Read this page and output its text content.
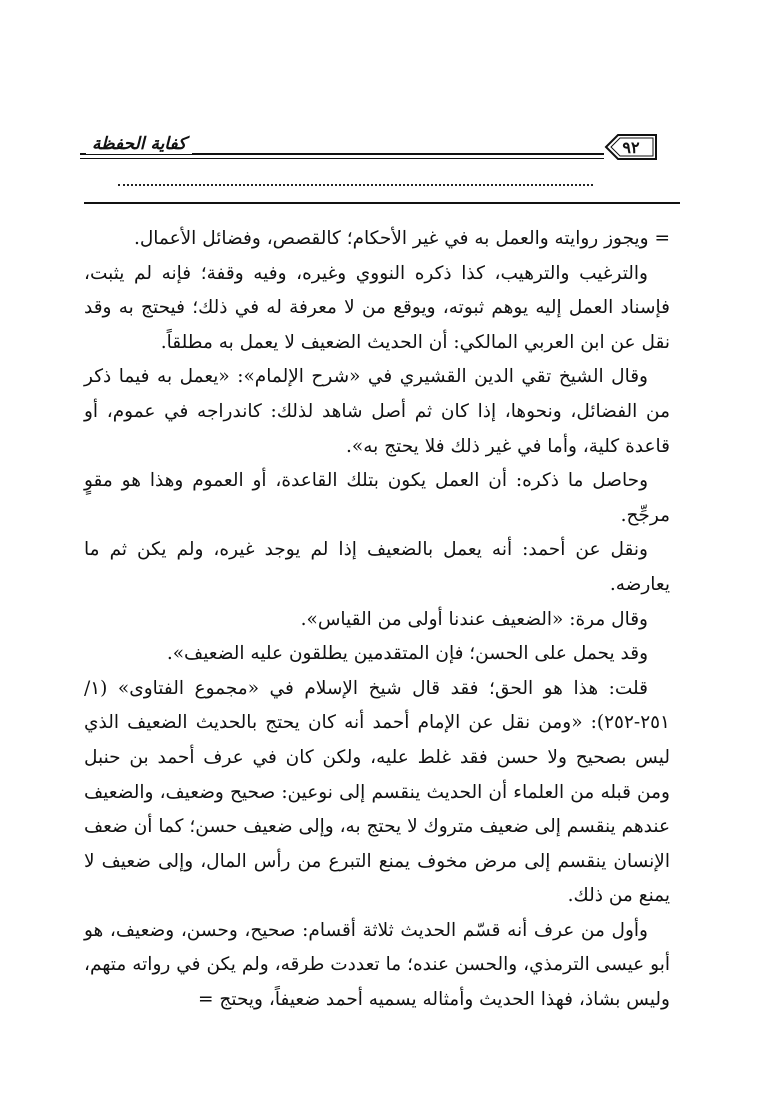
كفاية الحفظة	٩٢

= ويجوز روايته والعمل به في غير الأحكام؛ كالقصص، وفضائل الأعمال.

والترغيب والترهيب، كذا ذكره النووي وغيره، وفيه وقفة؛ فإنه لم يثبت، فإسناد العمل إليه يوهم ثبوته، ويوقع من لا معرفة له في ذلك؛ فيحتج به وقد نقل عن ابن العربي المالكي: أن الحديث الضعيف لا يعمل به مطلقاً.

وقال الشيخ تقي الدين القشيري في «شرح الإلمام»: «يعمل به فيما ذكر من الفضائل، ونحوها، إذا كان ثم أصل شاهد لذلك: كاندراجه في عموم، أو قاعدة كلية، وأما في غير ذلك فلا يحتج به».

وحاصل ما ذكره: أن العمل يكون بتلك القاعدة، أو العموم وهذا هو مقوٍ مرجِّح.

ونقل عن أحمد: أنه يعمل بالضعيف إذا لم يوجد غيره، ولم يكن ثم ما يعارضه.

وقال مرة: «الضعيف عندنا أولى من القياس».

وقد يحمل على الحسن؛ فإن المتقدمين يطلقون عليه الضعيف».

قلت: هذا هو الحق؛ فقد قال شيخ الإسلام في «مجموع الفتاوى» (١/ ٢٥١-٢٥٢): «ومن نقل عن الإمام أحمد أنه كان يحتج بالحديث الضعيف الذي ليس بصحيح ولا حسن فقد غلط عليه، ولكن كان في عرف أحمد بن حنبل ومن قبله من العلماء أن الحديث ينقسم إلى نوعين: صحيح وضعيف، والضعيف عندهم ينقسم إلى ضعيف متروك لا يحتج به، وإلى ضعيف حسن؛ كما أن ضعف الإنسان ينقسم إلى مرض مخوف يمنع التبرع من رأس المال، وإلى ضعيف لا يمنع من ذلك.

وأول من عرف أنه قسّم الحديث ثلاثة أقسام: صحيح، وحسن، وضعيف، هو أبو عيسى الترمذي، والحسن عنده؛ ما تعددت طرقه، ولم يكن في رواته متهم، وليس بشاذ، فهذا الحديث وأمثاله يسميه أحمد ضعيفاً، ويحتج =
